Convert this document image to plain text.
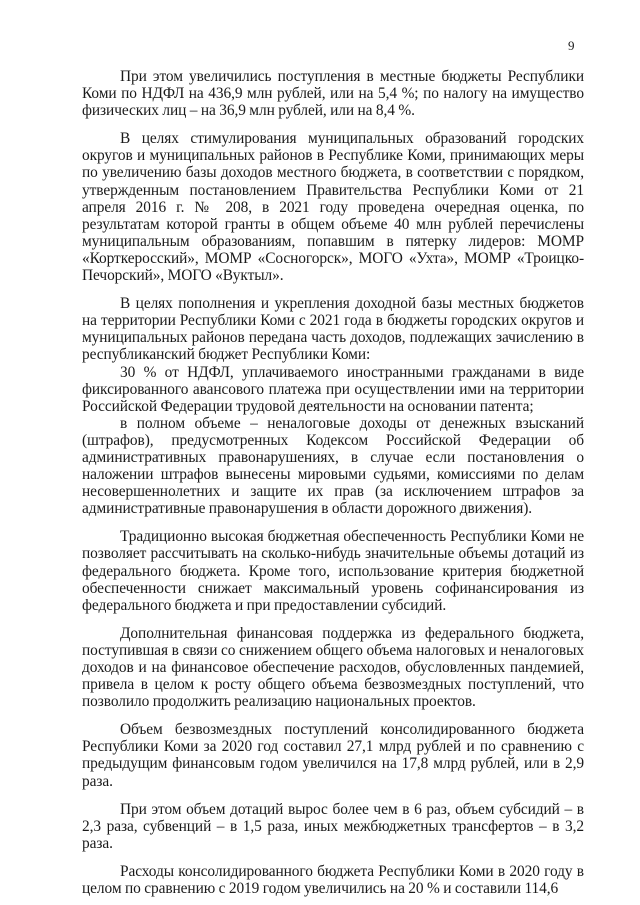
9

При этом увеличились поступления в местные бюджеты Республики Коми по НДФЛ на 436,9 млн рублей, или на 5,4 %; по налогу на имущество физических лиц – на 36,9 млн рублей, или на 8,4 %.

В целях стимулирования муниципальных образований городских округов и муниципальных районов в Республике Коми, принимающих меры по увеличению базы доходов местного бюджета, в соответствии с порядком, утвержденным постановлением Правительства Республики Коми от 21 апреля 2016 г. № 208, в 2021 году проведена очередная оценка, по результатам которой гранты в общем объеме 40 млн рублей перечислены муниципальным образованиям, попавшим в пятерку лидеров: МОМР «Корткеросский», МОМР «Сосногорск», МОГО «Ухта», МОМР «Троицко-Печорский», МОГО «Вуктыл».

В целях пополнения и укрепления доходной базы местных бюджетов на территории Республики Коми с 2021 года в бюджеты городских округов и муниципальных районов передана часть доходов, подлежащих зачислению в республиканский бюджет Республики Коми:

30 % от НДФЛ, уплачиваемого иностранными гражданами в виде фиксированного авансового платежа при осуществлении ими на территории Российской Федерации трудовой деятельности на основании патента;

в полном объеме – неналоговые доходы от денежных взысканий (штрафов), предусмотренных Кодексом Российской Федерации об административных правонарушениях, в случае если постановления о наложении штрафов вынесены мировыми судьями, комиссиями по делам несовершеннолетних и защите их прав (за исключением штрафов за административные правонарушения в области дорожного движения).

Традиционно высокая бюджетная обеспеченность Республики Коми не позволяет рассчитывать на сколько-нибудь значительные объемы дотаций из федерального бюджета. Кроме того, использование критерия бюджетной обеспеченности снижает максимальный уровень софинансирования из федерального бюджета и при предоставлении субсидий.

Дополнительная финансовая поддержка из федерального бюджета, поступившая в связи со снижением общего объема налоговых и неналоговых доходов и на финансовое обеспечение расходов, обусловленных пандемией, привела в целом к росту общего объема безвозмездных поступлений, что позволило продолжить реализацию национальных проектов.

Объем безвозмездных поступлений консолидированного бюджета Республики Коми за 2020 год составил 27,1 млрд рублей и по сравнению с предыдущим финансовым годом увеличился на 17,8 млрд рублей, или в 2,9 раза.

При этом объем дотаций вырос более чем в 6 раз, объем субсидий – в 2,3 раза, субвенций – в 1,5 раза, иных межбюджетных трансфертов – в 3,2 раза.

Расходы консолидированного бюджета Республики Коми в 2020 году в целом по сравнению с 2019 годом увеличились на 20 % и составили 114,6
